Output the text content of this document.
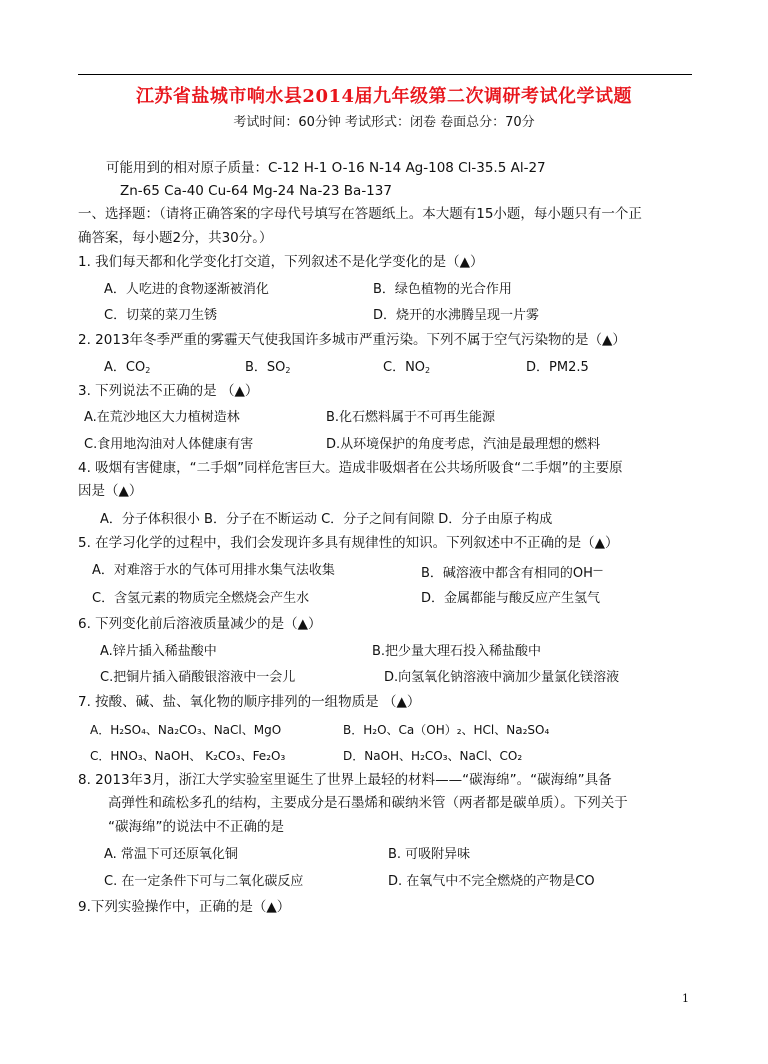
江苏省盐城市响水县2014届九年级第二次调研考试化学试题
考试时间：60分钟 考试形式：闭卷 卷面总分：70分
可能用到的相对原子质量：C-12 H-1 O-16 N-14 Ag-108 Cl-35.5 Al-27
Zn-65 Ca-40 Cu-64 Mg-24 Na-23 Ba-137
一、选择题：（请将正确答案的字母代号填写在答题纸上。本大题有15小题，每小题只有一个正
确答案，每小题2分，共30分。）
1. 我们每天都和化学变化打交道，下列叙述不是化学变化的是（▲）
A．人吃进的食物逐渐被消化	B．绿色植物的光合作用
C．切菜的菜刀生锈	D．烧开的水沸腾呈现一片雾
2. 2013年冬季严重的雾霾天气使我国许多城市严重污染。下列不属于空气污染物的是（▲）
A．$CO_2$	B．$SO_2$	C．$NO_2$	D．PM2.5
3. 下列说法不正确的是 （▲）
A.在荒沙地区大力植树造林	B.化石燃料属于不可再生能源
C.食用地沟油对人体健康有害	D.从环境保护的角度考虑，汽油是最理想的燃料
4. 吸烟有害健康，“二手烟”同样危害巨大。造成非吸烟者在公共场所吸食“二手烟”的主要原
因是（▲）
A．分子体积很小 B．分子在不断运动 C．分子之间有间隙 D．分子由原子构成
5. 在学习化学的过程中，我们会发现许多具有规律性的知识。下列叙述中不正确的是（▲）
A．对难溶于水的气体可用排水集气法收集	B．碱溶液中都含有相同的OH—
C．含氢元素的物质完全燃烧会产生水	D．金属都能与酸反应产生氢气
6. 下列变化前后溶液质量减少的是（▲）
A.锌片插入稀盐酸中	B.把少量大理石投入稀盐酸中
C.把铜片插入硝酸银溶液中一会儿	D.向氢氧化钠溶液中滴加少量氯化镁溶液
7. 按酸、碱、盐、氧化物的顺序排列的一组物质是 （▲）
A．H₂SO₄、Na₂CO₃、NaCl、MgO	B．H₂O、Ca（OH）₂、HCl、Na₂SO₄
C．HNO₃、NaOH、 K₂CO₃、Fe₂O₃	D．NaOH、H₂CO₃、NaCl、CO₂
8. 2013年3月，浙江大学实验室里诞生了世界上最轻的材料——“碳海绵”。“碳海绵”具备
高弹性和疏松多孔的结构，主要成分是石墨烯和碳纳米管（两者都是碳单质）。下列关于
“碳海绵”的说法中不正确的是
A. 常温下可还原氧化铜	B. 可吸附异味
C. 在一定条件下可与二氧化碳反应	D. 在氧气中不完全燃烧的产物是CO
9.下列实验操作中，正确的是（▲）
1
